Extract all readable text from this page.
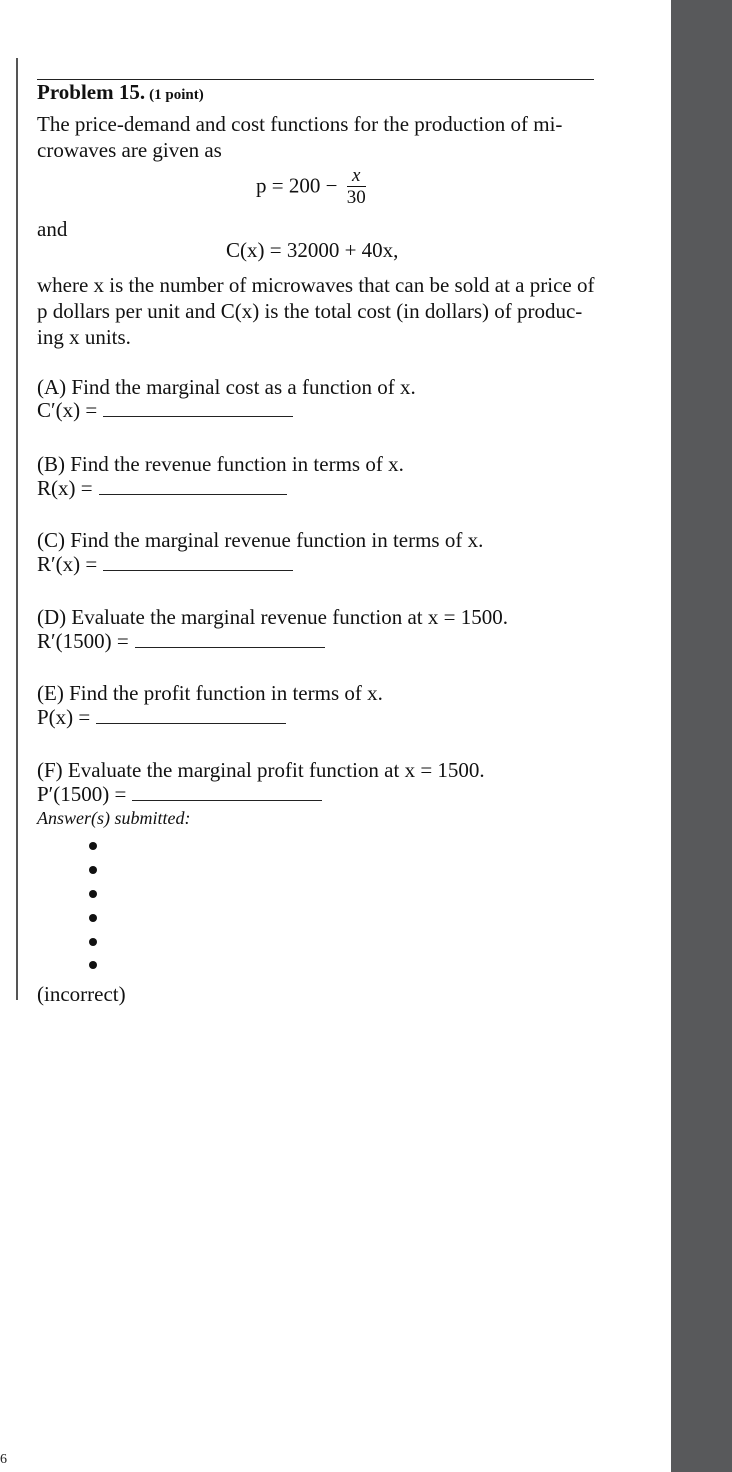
6
Problem 15. (1 point)
The price-demand and cost functions for the production of mi-
crowaves are given as
$p = 200 - \frac{x}{30}$
and
C(x) = 32000 + 40x,
where x is the number of microwaves that can be sold at a price of
p dollars per unit and C(x) is the total cost (in dollars) of produc-
ing x units.
(A) Find the marginal cost as a function of x.
C′(x) =
(B) Find the revenue function in terms of x.
R(x) =
(C) Find the marginal revenue function in terms of x.
R′(x) =
(D) Evaluate the marginal revenue function at x = 1500.
R′(1500) =
(E) Find the profit function in terms of x.
P(x) =
(F) Evaluate the marginal profit function at x = 1500.
P′(1500) =
Answer(s) submitted:
(incorrect)
